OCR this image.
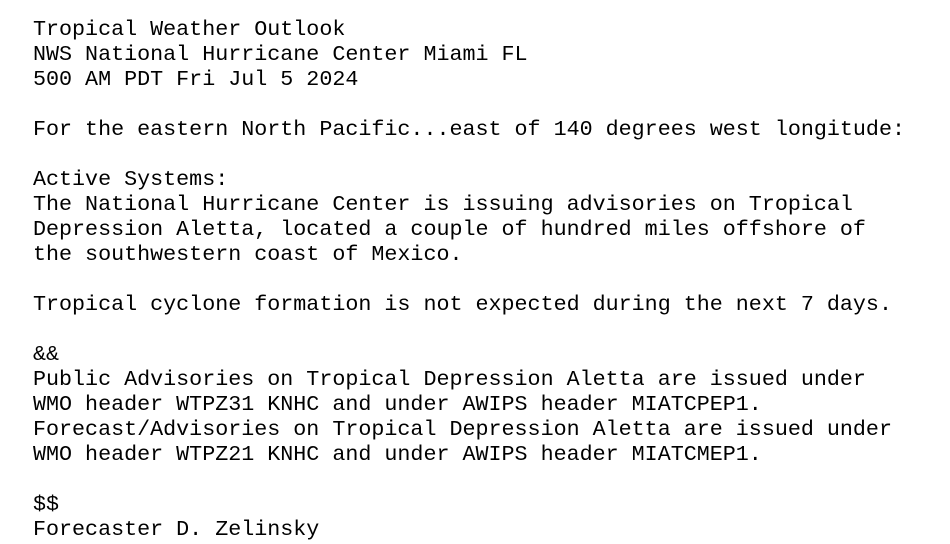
Tropical Weather Outlook
NWS National Hurricane Center Miami FL
500 AM PDT Fri Jul 5 2024
For the eastern North Pacific...east of 140 degrees west longitude:
Active Systems:
The National Hurricane Center is issuing advisories on Tropical
Depression Aletta, located a couple of hundred miles offshore of
the southwestern coast of Mexico.
Tropical cyclone formation is not expected during the next 7 days.
&&
Public Advisories on Tropical Depression Aletta are issued under
WMO header WTPZ31 KNHC and under AWIPS header MIATCPEP1.
Forecast/Advisories on Tropical Depression Aletta are issued under
WMO header WTPZ21 KNHC and under AWIPS header MIATCMEP1.
$$
Forecaster D. Zelinsky
